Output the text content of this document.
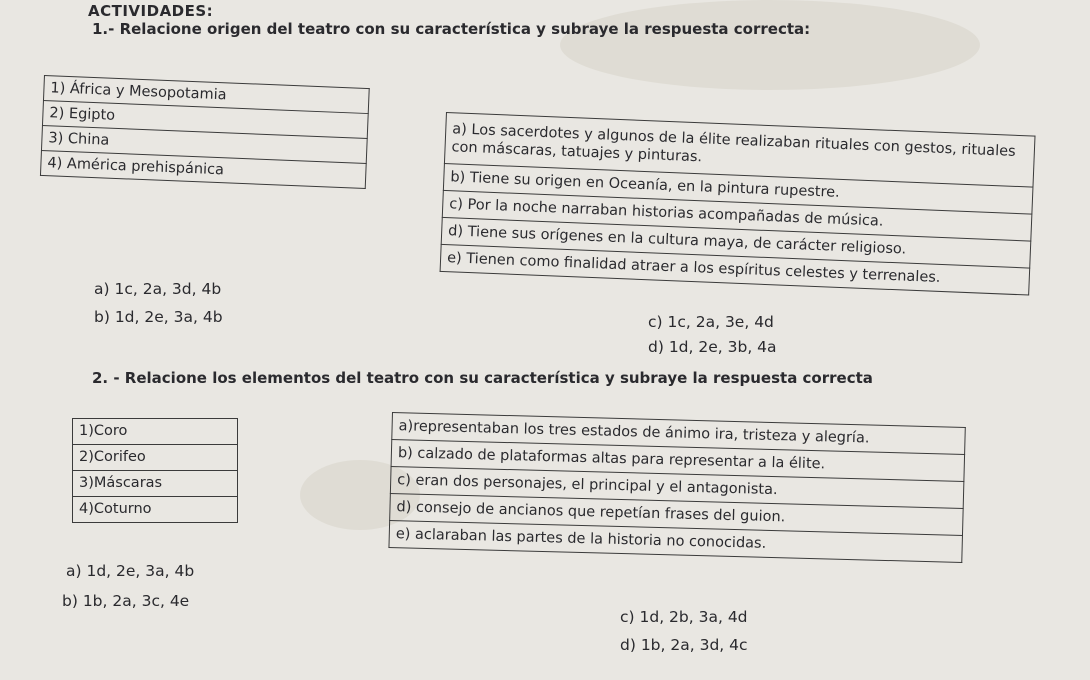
ACTIVIDADES:
1.- Relacione origen del teatro con su característica y subraye la respuesta correcta:
1) África y Mesopotamia
2) Egipto
3) China
4) América prehispánica
a) Los sacerdotes y algunos de la élite realizaban rituales con gestos, rituales con máscaras, tatuajes y pinturas.
b) Tiene su origen en Oceanía, en la pintura rupestre.
c) Por la noche narraban historias acompañadas de música.
d) Tiene sus orígenes en la cultura maya, de carácter religioso.
e) Tienen como finalidad atraer a los espíritus celestes y terrenales.
a) 1c, 2a, 3d, 4b
b) 1d, 2e, 3a, 4b	c) 1c, 2a, 3e, 4d
d) 1d, 2e, 3b, 4a
2. - Relacione los elementos del teatro con su característica y subraye la respuesta correcta
1)Coro
2)Corifeo
3)Máscaras
4)Coturno
a)representaban los tres estados de ánimo ira, tristeza y alegría.
b) calzado de plataformas altas para representar a la élite.
c) eran dos personajes, el principal y el antagonista.
d) consejo de ancianos que repetían frases del guion.
e) aclaraban las partes de la historia no conocidas.
a) 1d, 2e, 3a, 4b
b) 1b, 2a, 3c, 4e
c) 1d, 2b, 3a, 4d
d) 1b, 2a, 3d, 4c
